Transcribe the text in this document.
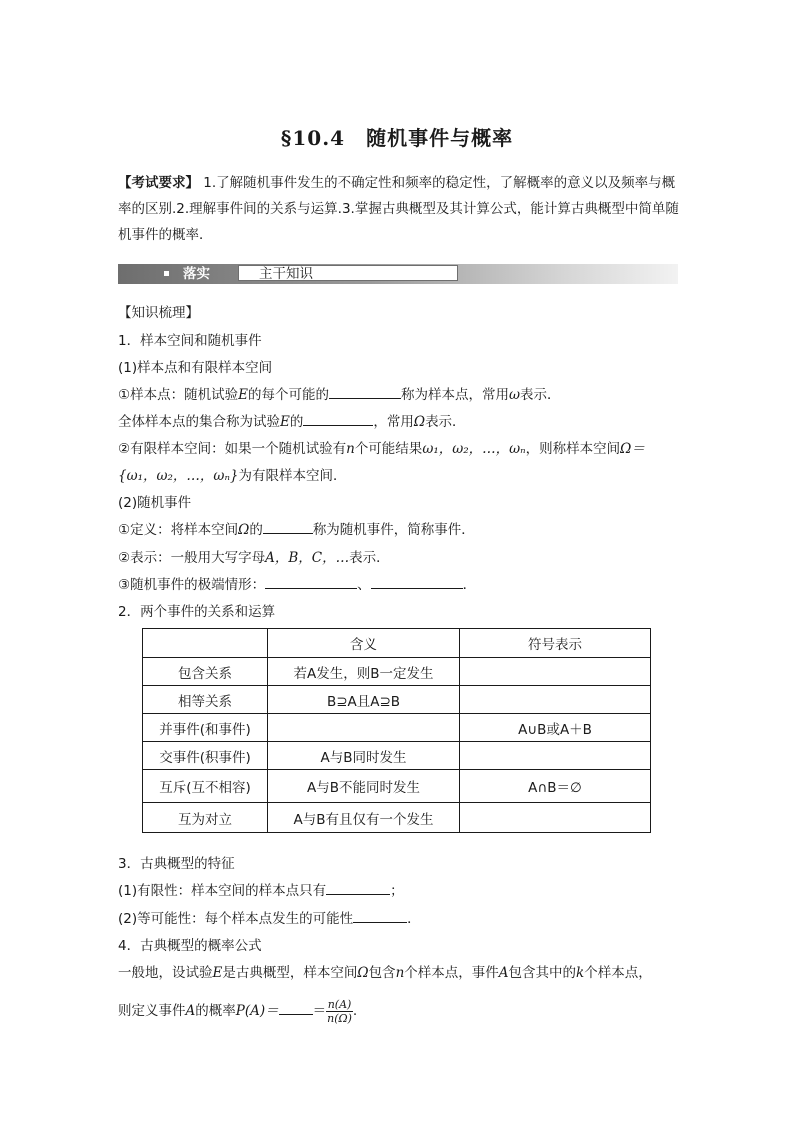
§10.4　随机事件与概率
【考试要求】 1.了解随机事件发生的不确定性和频率的稳定性，了解概率的意义以及频率与概率的区别.2.理解事件间的关系与运算.3.掌握古典概型及其计算公式，能计算古典概型中简单随机事件的概率．
落实	主干知识
【知识梳理】
1．样本空间和随机事件
(1)样本点和有限样本空间
①样本点：随机试验E的每个可能的	称为样本点，常用ω表示．
全体样本点的集合称为试验E的	，常用Ω表示．
②有限样本空间：如果一个随机试验有n个可能结果ω₁，ω₂，…，ωₙ，则称样本空间Ω＝
{ω₁，ω₂，…，ωₙ}为有限样本空间．
(2)随机事件
①定义：将样本空间Ω的	称为随机事件，简称事件．
②表示：一般用大写字母A，B，C，…表示．
③随机事件的极端情形：	、	．
2．两个事件的关系和运算
	含义	符号表示
包含关系	若A发生，则B一定发生	
相等关系	B⊇A且A⊇B	
并事件(和事件)		A∪B或A＋B
交事件(积事件)	A与B同时发生	
互斥(互不相容)	A与B不能同时发生	A∩B＝∅
互为对立	A与B有且仅有一个发生	
3．古典概型的特征
(1)有限性：样本空间的样本点只有	；
(2)等可能性：每个样本点发生的可能性	．
4．古典概型的概率公式
一般地，设试验E是古典概型，样本空间Ω包含n个样本点，事件A包含其中的k个样本点，
则定义事件A的概率P(A)＝	＝ $\frac{n(A)}{n(\Omega)}$ .
